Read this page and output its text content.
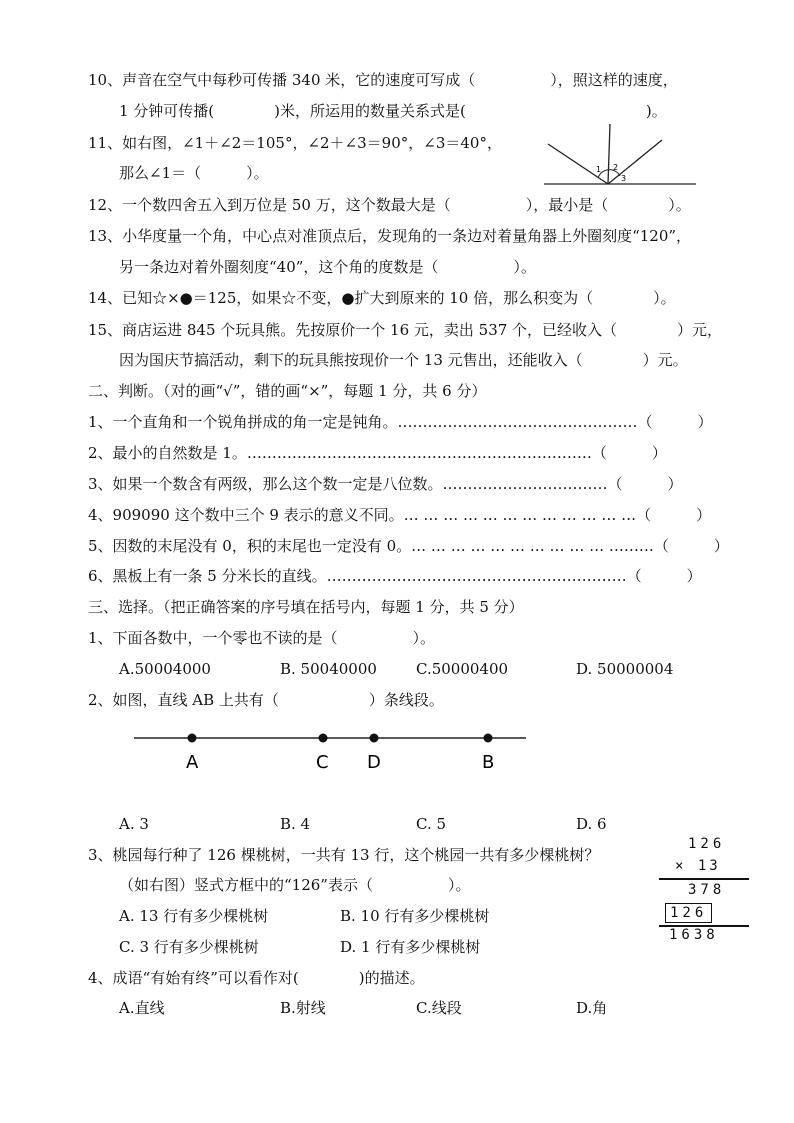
10、声音在空气中每秒可传播 340 米，它的速度可写成（　　　　　），照这样的速度，
1 分钟可传播(　　　　)米，所运用的数量关系式是(　　　　　　　　　　　　)。
11、如右图，∠1＋∠2＝105°，∠2＋∠3＝90°，∠3＝40°，
那么∠1＝（　　　）。	1 2
3
12、一个数四舍五入到万位是 50 万，这个数最大是（　　　　　），最小是（　　　　）。
13、小华度量一个角，中心点对准顶点后，发现角的一条边对着量角器上外圈刻度“120”，
另一条边对着外圈刻度“40”，这个角的度数是（　　　　　）。
14、已知☆×●＝125，如果☆不变，●扩大到原来的 10 倍，那么积变为（　　　　）。
15、商店运进 845 个玩具熊。先按原价一个 16 元，卖出 537 个，已经收入（　　　　）元，
因为国庆节搞活动，剩下的玩具熊按现价一个 13 元售出，还能收入（　　　　）元。
二、判断。（对的画“√”，错的画“×”，每题 1 分，共 6 分）
1、一个直角和一个锐角拼成的角一定是钝角。…………………………………………（　　　）
2、最小的自然数是 1。……………………………………………………………（　　　）
3、如果一个数含有两级，那么这个数一定是八位数。……………………………（　　　）
4、909090 这个数中三个 9 表示的意义不同。… … … … … … … … … … … …（　　　）
5、因数的末尾没有 0，积的末尾也一定没有 0。… … … … … … … … … … ………（　　　）
6、黑板上有一条 5 分米长的直线。……………………………………………………（　　　）
三、选择。（把正确答案的序号填在括号内，每题 1 分，共 5 分）
1、下面各数中，一个零也不读的是（　　　　　）。
A.50004000	B. 50040000	C.50000400	D. 50000004
2、如图，直线 AB 上共有（　　　　　　）条线段。
A	C D	B
A. 3	B. 4	C. 5	D. 6
3、桃园每行种了 126 棵桃树，一共有 13 行，这个桃园一共有多少棵桃树？
（如右图）竖式方框中的“126”表示（　　　　　）。
A. 13 行有多少棵桃树	B. 10 行有多少棵桃树
C. 3 行有多少棵桃树	D. 1 行有多少棵桃树
126
× 13
378
126
1638
4、成语“有始有终”可以看作对(　　　　)的描述。
A.直线	B.射线	C.线段	D.角
